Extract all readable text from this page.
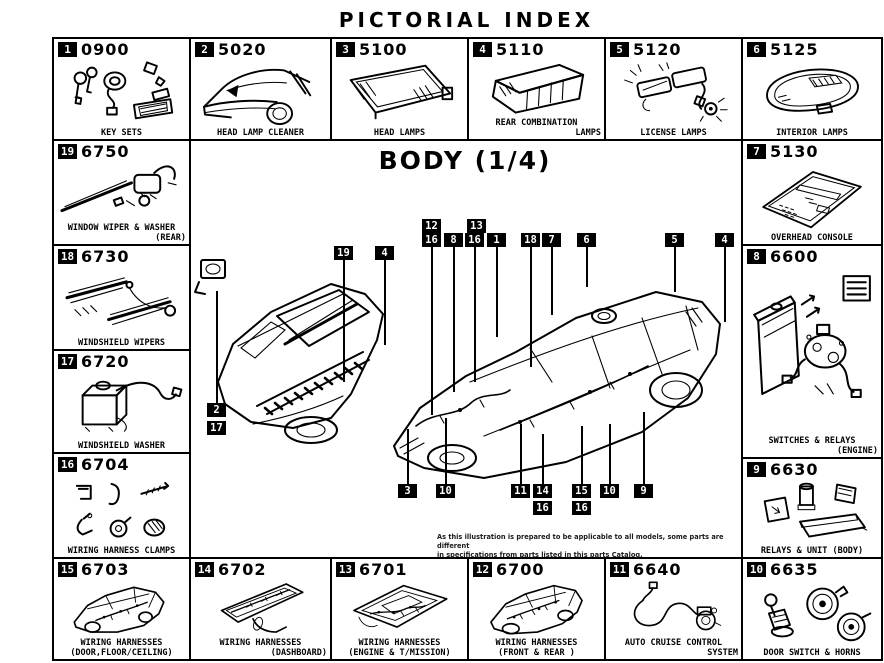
PICTORIAL INDEX
1 0900
KEY SETS
2 5020
HEAD LAMP CLEANER
3 5100
HEAD LAMPS
4 5110
REAR COMBINATION
LAMPS
5 5120
LICENSE LAMPS
6 5125
INTERIOR LAMPS
19 6750
WINDOW WIPER & WASHER
(REAR)
18 6730
WINDSHIELD WIPERS
17 6720
WINDSHIELD WASHER
16 6704
WIRING HARNESS CLAMPS
7 5130
OVERHEAD CONSOLE
8 6600
SWITCHES & RELAYS
(ENGINE)
9 6630
RELAYS & UNIT (BODY)
15 6703
WIRING HARNESSES
(DOOR,FLOOR/CEILING)
14 6702
WIRING HARNESSES
(DASHBOARD)
13 6701
WIRING HARNESSES
(ENGINE & T/MISSION)
12 6700
WIRING HARNESSES
(FRONT & REAR )
11 6640
AUTO CRUISE CONTROL
SYSTEM
10 6635
DOOR SWITCH & HORNS
BODY (1/4)
19	4
2
17
12	13
16	8	16	1	18	7	6	5	4
3	10	11 14	15	10	9
16	16
As this illustration is prepared to be applicable to all models, some parts are different
in specifications from parts listed in this parts Catalog.
